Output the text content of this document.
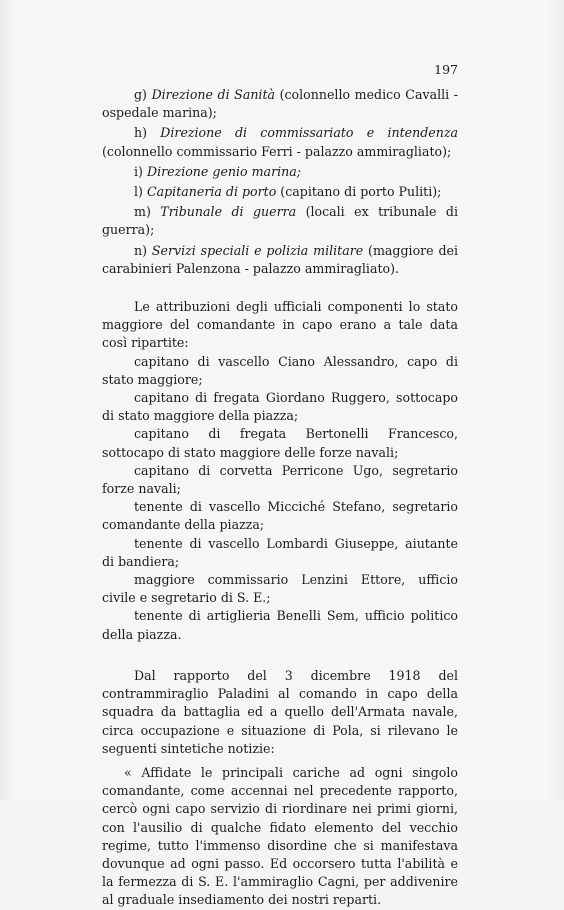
197

g) Direzione di Sanità (colonnello medico Cavalli - ospedale marina);

h) Direzione di commissariato e intendenza (colonnello commissario Ferri - palazzo ammiragliato);

i) Direzione genio marina;

l) Capitaneria di porto (capitano di porto Puliti);

m) Tribunale di guerra (locali ex tribunale di guerra);

n) Servizi speciali e polizia militare (maggiore dei carabinieri Palenzona - palazzo ammiragliato).

Le attribuzioni degli ufficiali componenti lo stato maggiore del comandante in capo erano a tale data così ripartite:

capitano di vascello Ciano Alessandro, capo di stato maggiore;

capitano di fregata Giordano Ruggero, sottocapo di stato maggiore della piazza;

capitano di fregata Bertonelli Francesco, sottocapo di stato maggiore delle forze navali;

capitano di corvetta Perricone Ugo, segretario forze navali;

tenente di vascello Micciché Stefano, segretario comandante della piazza;

tenente di vascello Lombardi Giuseppe, aiutante di bandiera;

maggiore commissario Lenzini Ettore, ufficio civile e segretario di S. E.;

tenente di artiglieria Benelli Sem, ufficio politico della piazza.

Dal rapporto del 3 dicembre 1918 del contrammiraglio Paladini al comando in capo della squadra da battaglia ed a quello dell'Armata navale, circa occupazione e situazione di Pola, si rilevano le seguenti sintetiche notizie:

« Affidate le principali cariche ad ogni singolo comandante, come accennai nel precedente rapporto, cercò ogni capo servizio di riordinare nei primi giorni, con l'ausilio di qualche fidato elemento del vecchio regime, tutto l'immenso disordine che si manifestava dovunque ad ogni passo. Ed occorsero tutta l'abilità e la fermezza di S. E. l'ammiraglio Cagni, per addivenire al graduale insediamento dei nostri reparti.
